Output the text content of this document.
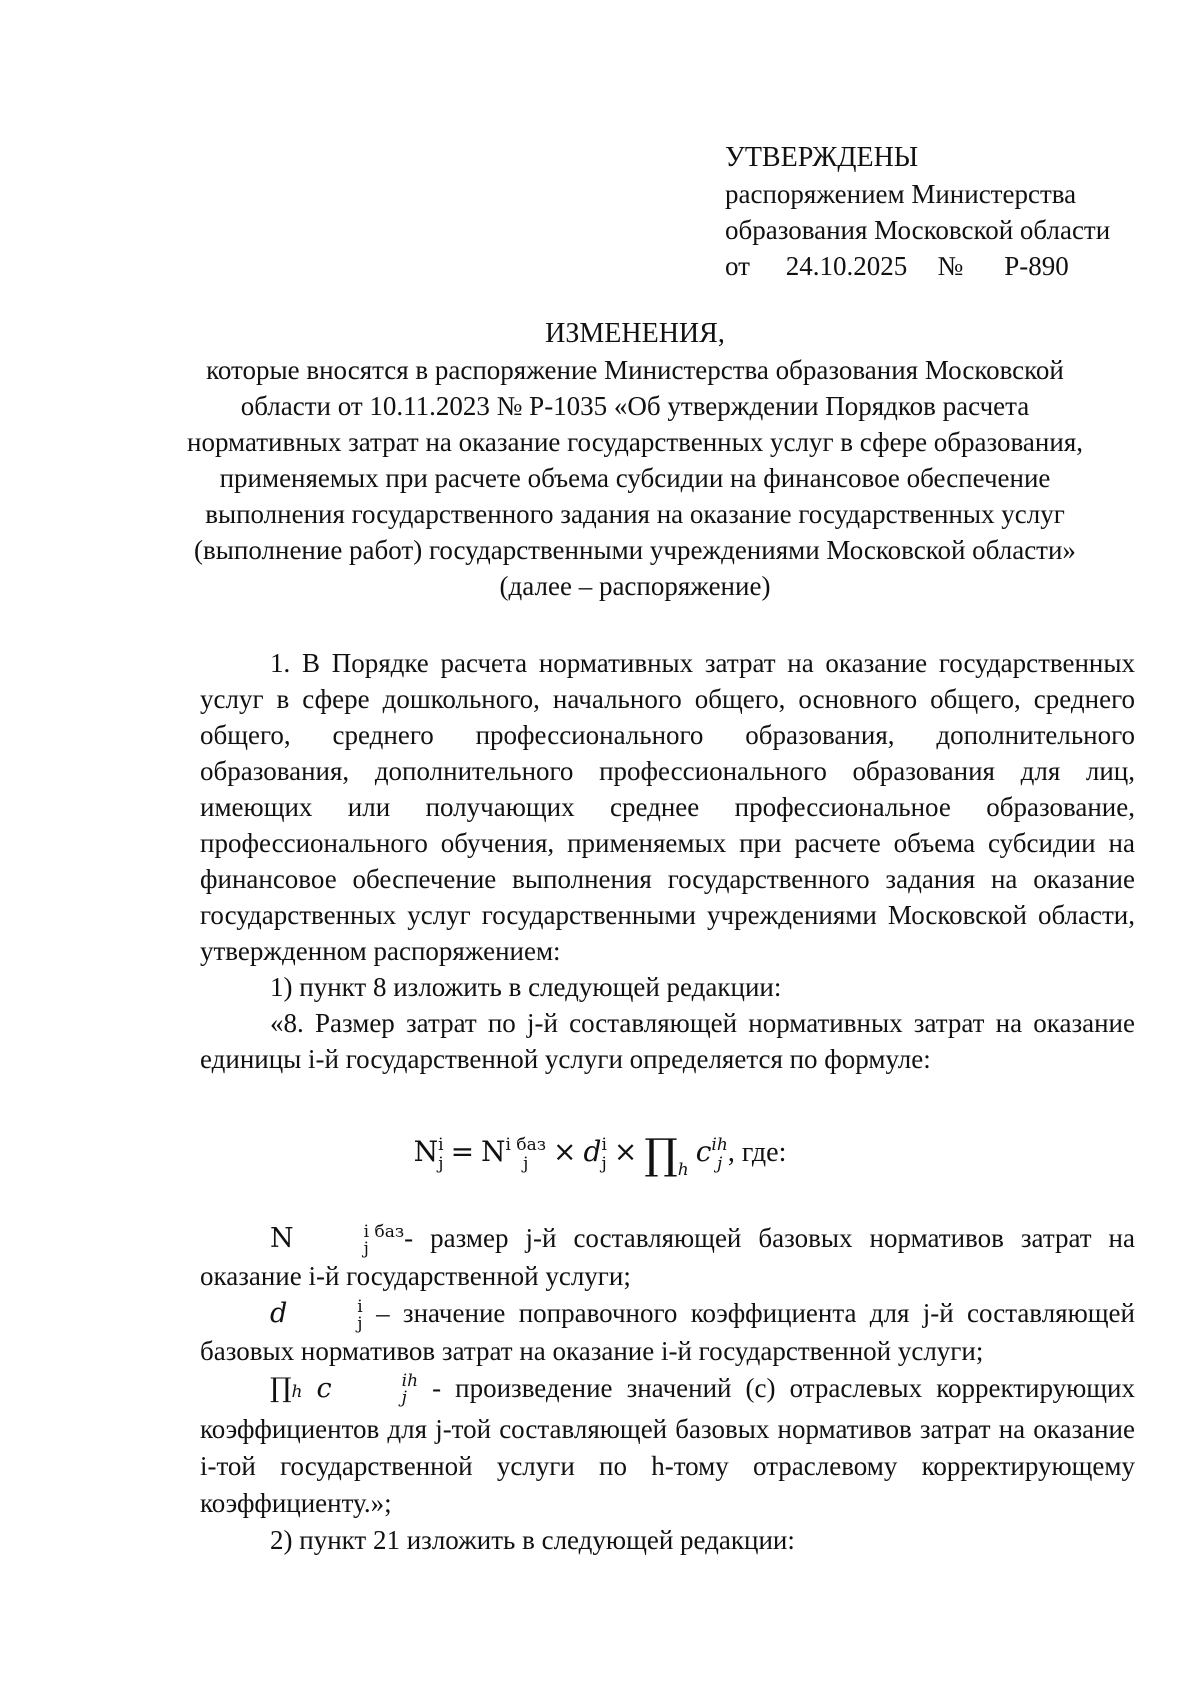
УТВЕРЖДЕНЫ
распоряжением Министерства
образования Московской области
от 24.10.2025 № Р-890
ИЗМЕНЕНИЯ,
которые вносятся в распоряжение Министерства образования Московской
области от 10.11.2023 № Р-1035 «Об утверждении Порядков расчета
нормативных затрат на оказание государственных услуг в сфере образования,
применяемых при расчете объема субсидии на финансовое обеспечение
выполнения государственного задания на оказание государственных услуг
(выполнение работ) государственными учреждениями Московской области»
(далее – распоряжение)

1. В Порядке расчета нормативных затрат на оказание государственных услуг в сфере дошкольного, начального общего, основного общего, среднего общего, среднего профессионального образования, дополнительного образования, дополнительного профессионального образования для лиц, имеющих или получающих среднее профессиональное образование, профессионального обучения, применяемых при расчете объема субсидии на финансовое обеспечение выполнения государственного задания на оказание государственных услуг государственными учреждениями Московской области, утвержденном распоряжением:

1) пункт 8 изложить в следующей редакции:

«8. Размер затрат по j-й составляющей нормативных затрат на оказание единицы i-й государственной услуги определяется по формуле:

N i
j = N i баз
j × d i
$j \times \prod_h$ c ih
j , где:

N	i баз
j	- размер j-й составляющей базовых нормативов затрат на оказание i-й государственной услуги;

d	i
j – значение поправочного коэффициента для j-й составляющей базовых нормативов затрат на оказание i-й государственной услуги;

∏h c	ih
j - произведение значений (c) отраслевых корректирующих коэффициентов для j-той составляющей базовых нормативов затрат на оказание i-той государственной услуги по h-тому отраслевому корректирующему коэффициенту.»;

2) пункт 21 изложить в следующей редакции:
